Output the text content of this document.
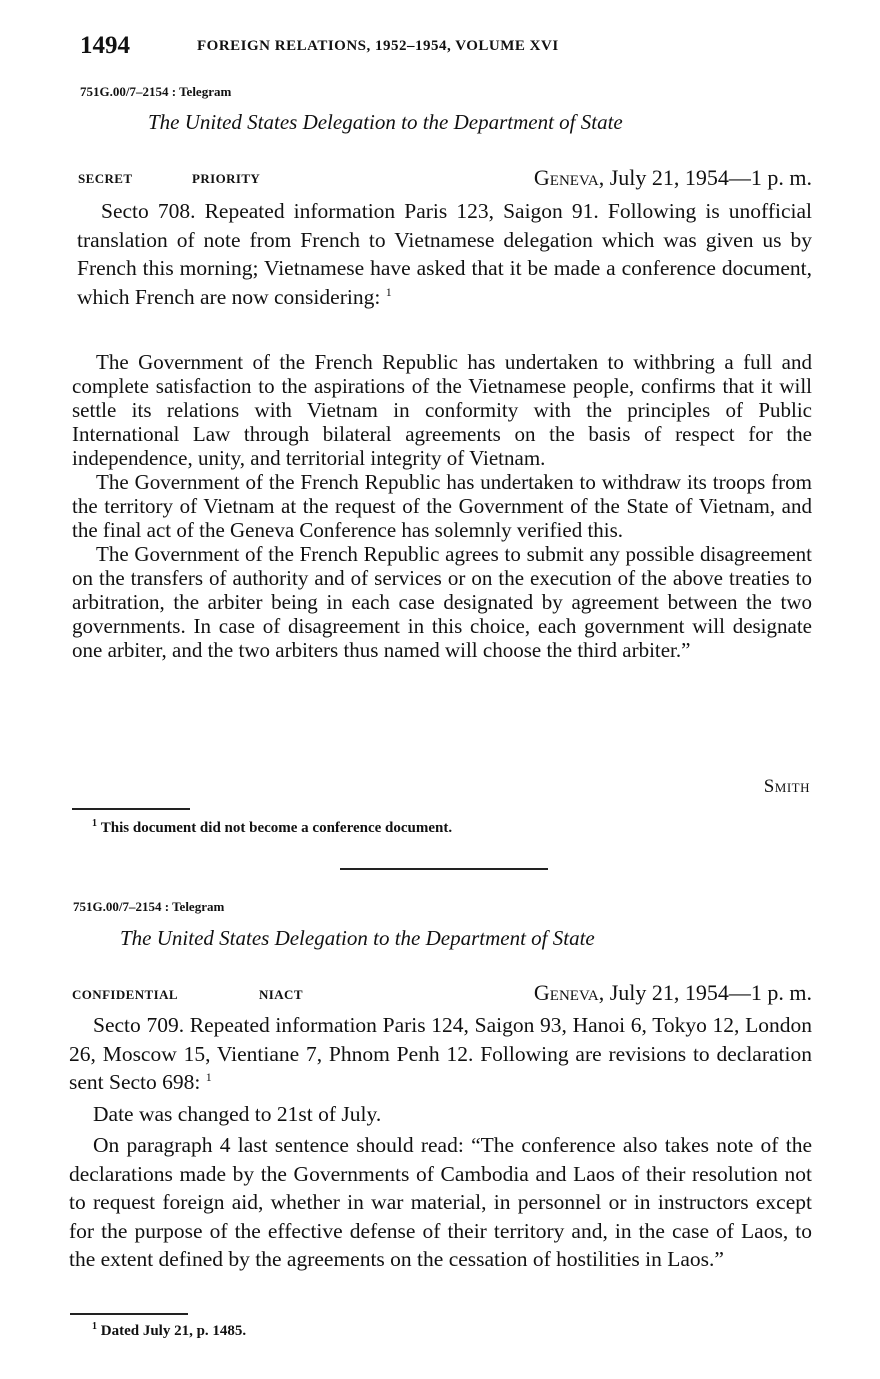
1494	FOREIGN RELATIONS, 1952–1954, VOLUME XVI
751G.00/7–2154 : Telegram
The United States Delegation to the Department of State
SECRET	PRIORITY	Geneva, July 21, 1954—1 p. m.

Secto 708. Repeated information Paris 123, Saigon 91. Following is unofficial translation of note from French to Vietnamese delegation which was given us by French this morning; Vietnamese have asked that it be made a conference document, which French are now considering: $^1$

The Government of the French Republic has undertaken to withbring a full and complete satisfaction to the aspirations of the Vietnamese people, confirms that it will settle its relations with Vietnam in conformity with the principles of Public International Law through bilateral agreements on the basis of respect for the independence, unity, and territorial integrity of Vietnam.

The Government of the French Republic has undertaken to withdraw its troops from the territory of Vietnam at the request of the Government of the State of Vietnam, and the final act of the Geneva Conference has solemnly verified this.

The Government of the French Republic agrees to submit any possible disagreement on the transfers of authority and of services or on the execution of the above treaties to arbitration, the arbiter being in each case designated by agreement between the two governments. In case of disagreement in this choice, each government will designate one arbiter, and the two arbiters thus named will choose the third arbiter.”

Smith
$^1$ This document did not become a conference document.
751G.00/7–2154 : Telegram
The United States Delegation to the Department of State
CONFIDENTIAL	NIACT	Geneva, July 21, 1954—1 p. m.

Secto 709. Repeated information Paris 124, Saigon 93, Hanoi 6, Tokyo 12, London 26, Moscow 15, Vientiane 7, Phnom Penh 12. Following are revisions to declaration sent Secto 698: $^1$

Date was changed to 21st of July.

On paragraph 4 last sentence should read: “The conference also takes note of the declarations made by the Governments of Cambodia and Laos of their resolution not to request foreign aid, whether in war material, in personnel or in instructors except for the purpose of the effective defense of their territory and, in the case of Laos, to the extent defined by the agreements on the cessation of hostilities in Laos.”

$^1$ Dated July 21, p. 1485.
